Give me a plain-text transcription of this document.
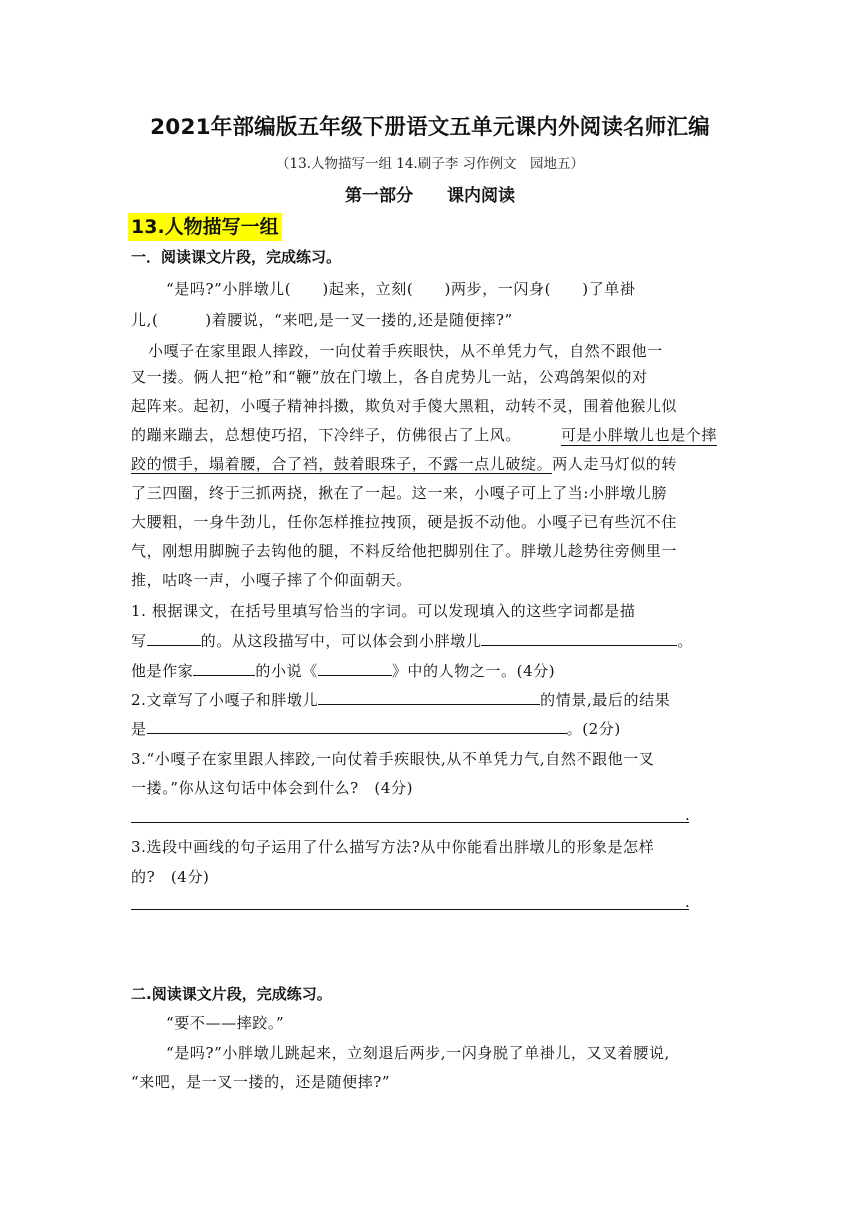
2021年部编版五年级下册语文五单元课内外阅读名师汇编
（13.人物描写一组 14.刷子李 习作例文　园地五）
第一部分　　课内阅读
13.人物描写一组
一．阅读课文片段，完成练习。
“是吗?”小胖墩儿(　　)起来，立刻(　　)两步，一闪身(　　)了单褂
儿,(　　　)着腰说，“来吧,是一叉一搂的,还是随便摔?”
小嘎子在家里跟人摔跤，一向仗着手疾眼快，从不单凭力气，自然不跟他一
叉一搂。俩人把“枪”和“鞭”放在门墩上，各自虎势儿一站，公鸡鸽架似的对
起阵来。起初，小嘎子精神抖擞，欺负对手傻大黑粗，动转不灵，围着他猴儿似
的蹦来蹦去，总想使巧招，下冷绊子，仿佛很占了上风。	可是小胖墩儿也是个摔
跤的惯手，塌着腰，合了裆，鼓着眼珠子，不露一点儿破绽。两人走马灯似的转
了三四圈，终于三抓两挠，揪在了一起。这一来，小嘎子可上了当:小胖墩儿膀
大腰粗，一身牛劲儿，任你怎样推拉拽顶，硬是扳不动他。小嘎子已有些沉不住
气，刚想用脚腕子去钩他的腿，不料反给他把脚别住了。胖墩儿趁势往旁侧里一
推，咕咚一声，小嘎子摔了个仰面朝天。
1. 根据课文，在括号里填写恰当的字词。可以发现填入的这些字词都是描
写	的。从这段描写中，可以体会到小胖墩儿	。
他是作家	的小说《	》中的人物之一。(4分)
2.文章写了小嘎子和胖墩儿	的情景,最后的结果
是	。(2分)
3.“小嘎子在家里跟人摔跤,一向仗着手疾眼快,从不单凭力气,自然不跟他一叉
一搂。”你从这句话中体会到什么?　(4分)
.
3.选段中画线的句子运用了什么描写方法?从中你能看出胖墩儿的形象是怎样
的?　(4分)
.
二.阅读课文片段，完成练习。
“要不——摔跤。”
“是吗?”小胖墩儿跳起来，立刻退后两步,一闪身脱了单褂儿，又叉着腰说,
“来吧，是一叉一搂的，还是随便摔?”
